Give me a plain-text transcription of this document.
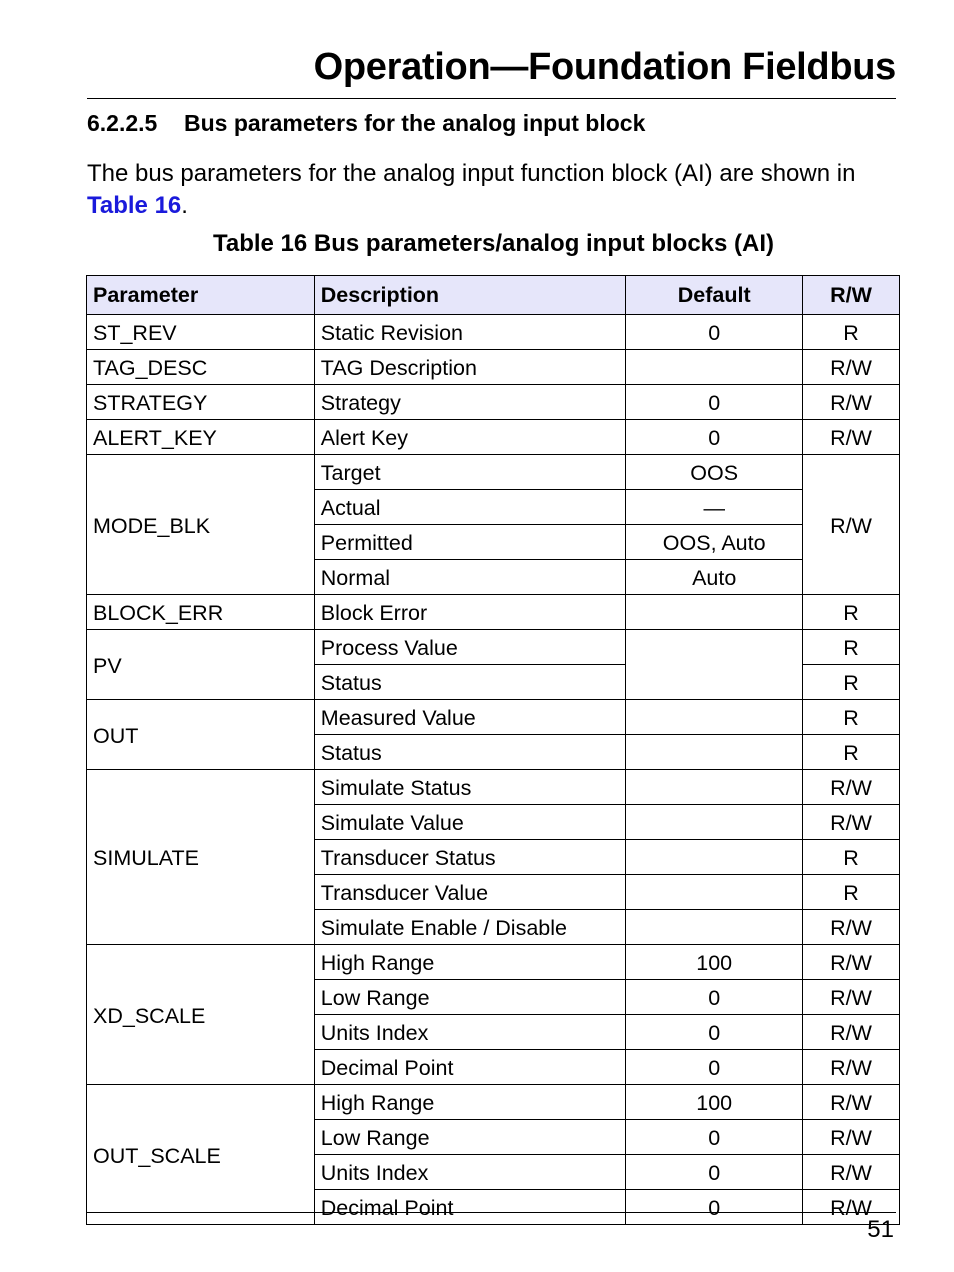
Operation—Foundation Fieldbus
6.2.2.5 Bus parameters for the analog input block
The bus parameters for the analog input function block (AI) are shown in Table 16.
Table 16 Bus parameters/analog input blocks (AI)
Parameter	Description	Default	R/W
ST_REV	Static Revision	0	R
TAG_DESC	TAG Description		R/W
STRATEGY	Strategy	0	R/W
ALERT_KEY	Alert Key	0	R/W
MODE_BLK	Target	OOS	R/W
	Actual	—	
	Permitted	OOS, Auto	
	Normal	Auto	
BLOCK_ERR	Block Error		R
PV	Process Value		R
	Status		R
OUT	Measured Value		R
	Status		R
SIMULATE	Simulate Status		R/W
	Simulate Value		R/W
	Transducer Status		R
	Transducer Value		R
	Simulate Enable / Disable		R/W
XD_SCALE	High Range	100	R/W
	Low Range	0	R/W
	Units Index	0	R/W
	Decimal Point	0	R/W
OUT_SCALE	High Range	100	R/W
	Low Range	0	R/W
	Units Index	0	R/W
	Decimal Point	0	R/W
51
